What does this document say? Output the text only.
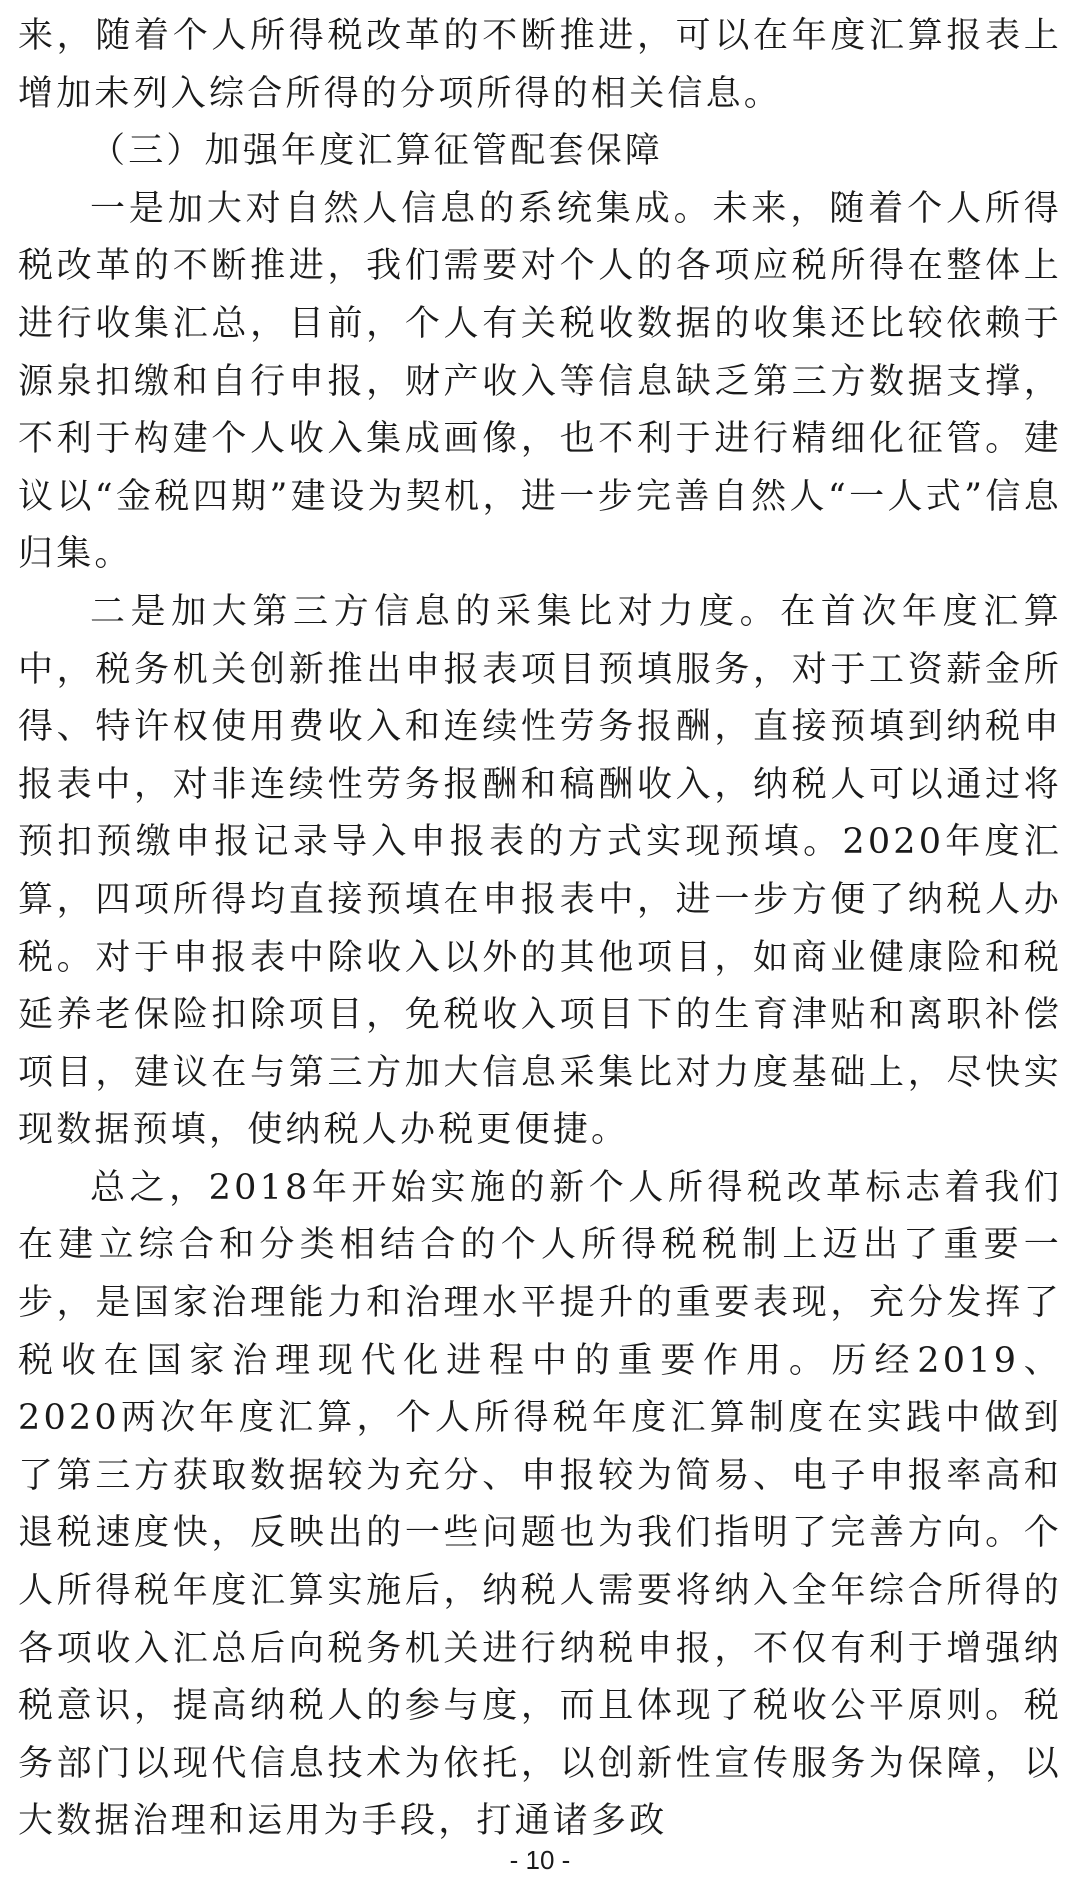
来，随着个人所得税改革的不断推进，可以在年度汇算报表上增加未列入综合所得的分项所得的相关信息。

（三）加强年度汇算征管配套保障

一是加大对自然人信息的系统集成。未来，随着个人所得税改革的不断推进，我们需要对个人的各项应税所得在整体上进行收集汇总，目前，个人有关税收数据的收集还比较依赖于源泉扣缴和自行申报，财产收入等信息缺乏第三方数据支撑，不利于构建个人收入集成画像，也不利于进行精细化征管。建议以“金税四期”建设为契机，进一步完善自然人“一人式”信息归集。

二是加大第三方信息的采集比对力度。在首次年度汇算中，税务机关创新推出申报表项目预填服务，对于工资薪金所得、特许权使用费收入和连续性劳务报酬，直接预填到纳税申报表中，对非连续性劳务报酬和稿酬收入，纳税人可以通过将预扣预缴申报记录导入申报表的方式实现预填。2020年度汇算，四项所得均直接预填在申报表中，进一步方便了纳税人办税。对于申报表中除收入以外的其他项目，如商业健康险和税延养老保险扣除项目，免税收入项目下的生育津贴和离职补偿项目，建议在与第三方加大信息采集比对力度基础上，尽快实现数据预填，使纳税人办税更便捷。

总之，2018年开始实施的新个人所得税改革标志着我们在建立综合和分类相结合的个人所得税税制上迈出了重要一步，是国家治理能力和治理水平提升的重要表现，充分发挥了税收在国家治理现代化进程中的重要作用。历经2019、2020两次年度汇算，个人所得税年度汇算制度在实践中做到了第三方获取数据较为充分、申报较为简易、电子申报率高和退税速度快，反映出的一些问题也为我们指明了完善方向。个人所得税年度汇算实施后，纳税人需要将纳入全年综合所得的各项收入汇总后向税务机关进行纳税申报，不仅有利于增强纳税意识，提高纳税人的参与度，而且体现了税收公平原则。税务部门以现代信息技术为依托，以创新性宣传服务为保障，以大数据治理和运用为手段，打通诸多政

- 10 -
